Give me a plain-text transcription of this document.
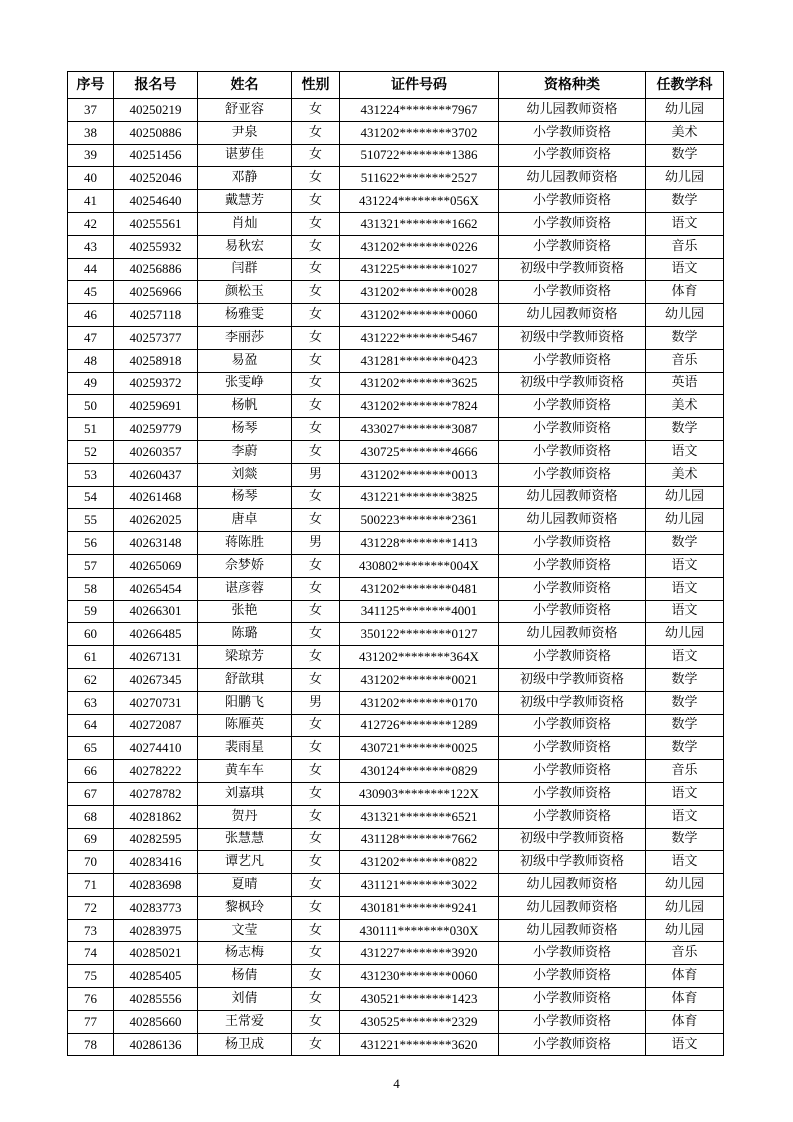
序号	报名号	姓名	性别	证件号码	资格种类	任教学科
37	40250219	舒亚容	女	431224********7967	幼儿园教师资格	幼儿园
38	40250886	尹泉	女	431202********3702	小学教师资格	美术
39	40251456	谌萝佳	女	510722********1386	小学教师资格	数学
40	40252046	邓静	女	511622********2527	幼儿园教师资格	幼儿园
41	40254640	戴慧芳	女	431224********056X	小学教师资格	数学
42	40255561	肖灿	女	431321********1662	小学教师资格	语文
43	40255932	易秋宏	女	431202********0226	小学教师资格	音乐
44	40256886	闫群	女	431225********1027	初级中学教师资格	语文
45	40256966	颜松玉	女	431202********0028	小学教师资格	体育
46	40257118	杨雅雯	女	431202********0060	幼儿园教师资格	幼儿园
47	40257377	李丽莎	女	431222********5467	初级中学教师资格	数学
48	40258918	易盈	女	431281********0423	小学教师资格	音乐
49	40259372	张雯峥	女	431202********3625	初级中学教师资格	英语
50	40259691	杨帆	女	431202********7824	小学教师资格	美术
51	40259779	杨琴	女	433027********3087	小学教师资格	数学
52	40260357	李蔚	女	430725********4666	小学教师资格	语文
53	40260437	刘燚	男	431202********0013	小学教师资格	美术
54	40261468	杨琴	女	431221********3825	幼儿园教师资格	幼儿园
55	40262025	唐卓	女	500223********2361	幼儿园教师资格	幼儿园
56	40263148	蒋陈胜	男	431228********1413	小学教师资格	数学
57	40265069	佘梦娇	女	430802********004X	小学教师资格	语文
58	40265454	谌彦蓉	女	431202********0481	小学教师资格	语文
59	40266301	张艳	女	341125********4001	小学教师资格	语文
60	40266485	陈璐	女	350122********0127	幼儿园教师资格	幼儿园
61	40267131	梁琼芳	女	431202********364X	小学教师资格	语文
62	40267345	舒歆琪	女	431202********0021	初级中学教师资格	数学
63	40270731	阳鹏飞	男	431202********0170	初级中学教师资格	数学
64	40272087	陈雁英	女	412726********1289	小学教师资格	数学
65	40274410	裴雨星	女	430721********0025	小学教师资格	数学
66	40278222	黄车车	女	430124********0829	小学教师资格	音乐
67	40278782	刘嘉琪	女	430903********122X	小学教师资格	语文
68	40281862	贺丹	女	431321********6521	小学教师资格	语文
69	40282595	张慧慧	女	431128********7662	初级中学教师资格	数学
70	40283416	谭艺凡	女	431202********0822	初级中学教师资格	语文
71	40283698	夏晴	女	431121********3022	幼儿园教师资格	幼儿园
72	40283773	黎枫玲	女	430181********9241	幼儿园教师资格	幼儿园
73	40283975	文莹	女	430111********030X	幼儿园教师资格	幼儿园
74	40285021	杨志梅	女	431227********3920	小学教师资格	音乐
75	40285405	杨倩	女	431230********0060	小学教师资格	体育
76	40285556	刘倩	女	430521********1423	小学教师资格	体育
77	40285660	王常爱	女	430525********2329	小学教师资格	体育
78	40286136	杨卫成	女	431221********3620	小学教师资格	语文
4
